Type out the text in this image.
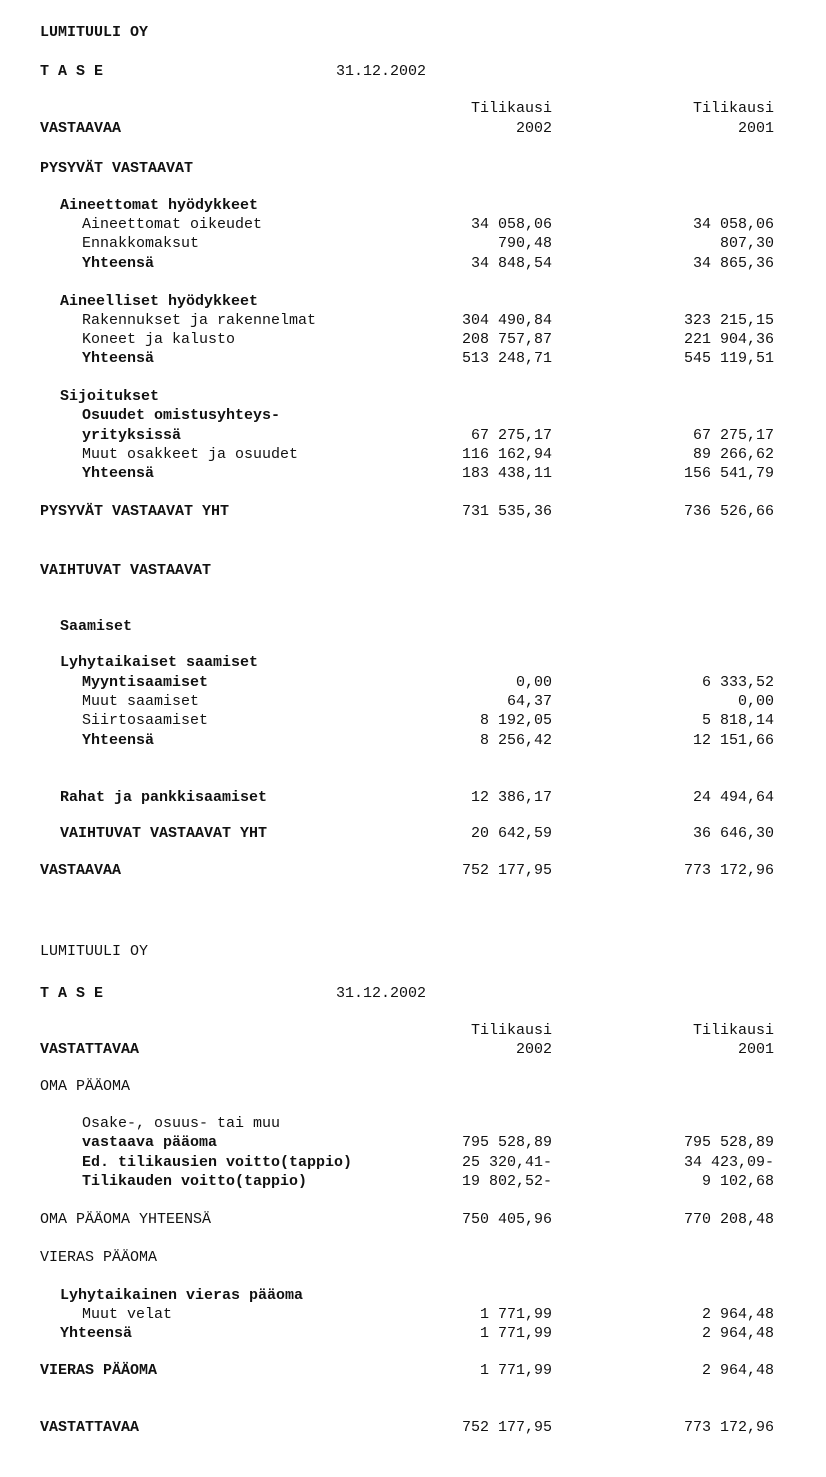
LUMITUULI OY
T A S E	31.12.2002
Tilikausi	Tilikausi
VASTAAVAA	2002	2001
PYSYVÄT VASTAAVAT
Aineettomat hyödykkeet
Aineettomat oikeudet	34 058,06	34 058,06
Ennakkomaksut	790,48	807,30
Yhteensä	34 848,54	34 865,36
Aineelliset hyödykkeet
Rakennukset ja rakennelmat	304 490,84	323 215,15
Koneet ja kalusto	208 757,87	221 904,36
Yhteensä	513 248,71	545 119,51
Sijoitukset
Osuudet omistusyhteys-
yrityksissä	67 275,17	67 275,17
Muut osakkeet ja osuudet	116 162,94	89 266,62
Yhteensä	183 438,11	156 541,79
PYSYVÄT VASTAAVAT YHT	731 535,36	736 526,66
VAIHTUVAT VASTAAVAT
Saamiset
Lyhytaikaiset saamiset
Myyntisaamiset	0,00	6 333,52
Muut saamiset	64,37	0,00
Siirtosaamiset	8 192,05	5 818,14
Yhteensä	8 256,42	12 151,66
Rahat ja pankkisaamiset	12 386,17	24 494,64
VAIHTUVAT VASTAAVAT YHT	20 642,59	36 646,30
VASTAAVAA	752 177,95	773 172,96
LUMITUULI OY
T A S E	31.12.2002
Tilikausi	Tilikausi
VASTATTAVAA	2002	2001
OMA PÄÄOMA
Osake-, osuus- tai muu
vastaava pääoma	795 528,89	795 528,89
Ed. tilikausien voitto(tappio)	25 320,41-	34 423,09-
Tilikauden voitto(tappio)	19 802,52-	9 102,68
OMA PÄÄOMA YHTEENSÄ	750 405,96	770 208,48
VIERAS PÄÄOMA
Lyhytaikainen vieras pääoma
Muut velat	1 771,99	2 964,48
Yhteensä	1 771,99	2 964,48
VIERAS PÄÄOMA	1 771,99	2 964,48
VASTATTAVAA	752 177,95	773 172,96
